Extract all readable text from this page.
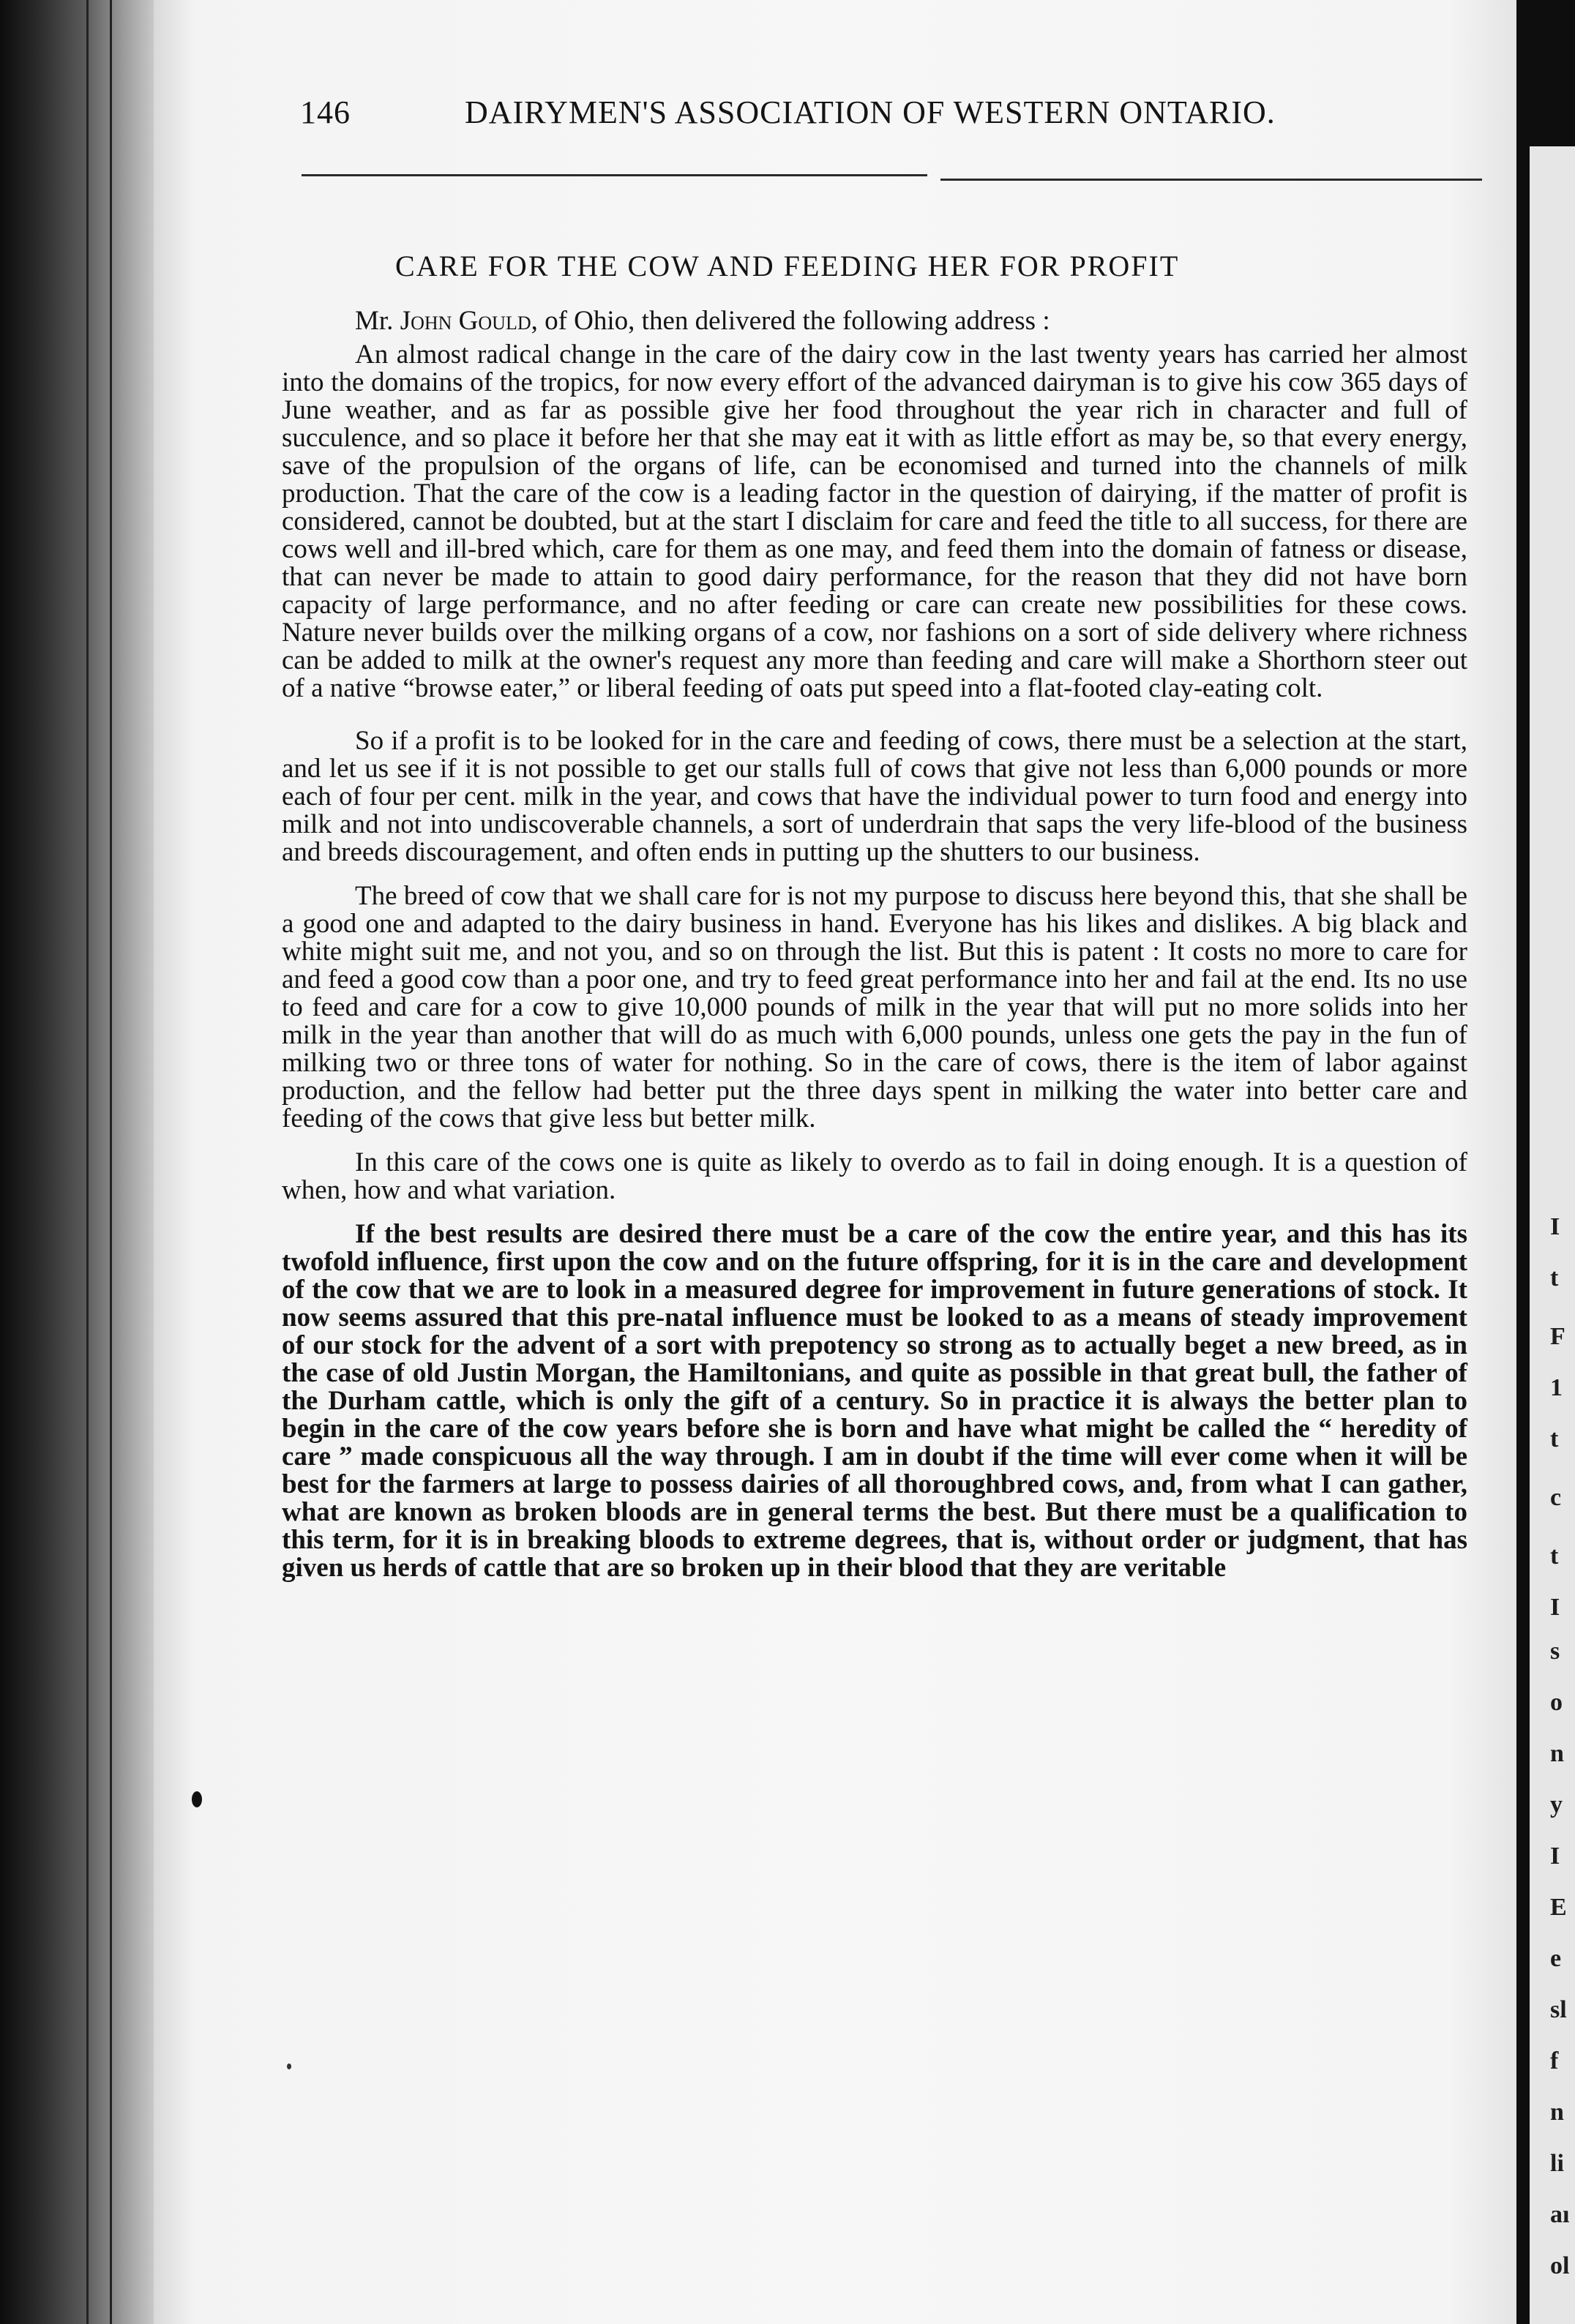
I
t
F
1
t
c
t
I
s
o
n
y
I
E
e
sl
f
n
li
aı
ol
146	DAIRYMEN'S ASSOCIATION OF WESTERN ONTARIO.
CARE FOR THE COW AND FEEDING HER FOR PROFIT

Mr. John Gould, of Ohio, then delivered the following address :

An almost radical change in the care of the dairy cow in the last twenty years has carried her almost into the domains of the tropics, for now every effort of the advanced dairyman is to give his cow 365 days of June weather, and as far as possible give her food throughout the year rich in character and full of succulence, and so place it before her that she may eat it with as little effort as may be, so that every energy, save of the propulsion of the organs of life, can be economised and turned into the channels of milk production. That the care of the cow is a leading factor in the question of dairying, if the matter of profit is considered, cannot be doubted, but at the start I disclaim for care and feed the title to all success, for there are cows well and ill-bred which, care for them as one may, and feed them into the domain of fatness or disease, that can never be made to attain to good dairy performance, for the reason that they did not have born capacity of large performance, and no after feeding or care can create new possibilities for these cows. Nature never builds over the milking organs of a cow, nor fashions on a sort of side delivery where richness can be added to milk at the owner's request any more than feeding and care will make a Shorthorn steer out of a native “browse eater,” or liberal feeding of oats put speed into a flat-footed clay-eating colt.

So if a profit is to be looked for in the care and feeding of cows, there must be a selection at the start, and let us see if it is not possible to get our stalls full of cows that give not less than 6,000 pounds or more each of four per cent. milk in the year, and cows that have the individual power to turn food and energy into milk and not into undiscoverable channels, a sort of underdrain that saps the very life-blood of the business and breeds discouragement, and often ends in putting up the shutters to our business.

The breed of cow that we shall care for is not my purpose to discuss here beyond this, that she shall be a good one and adapted to the dairy business in hand. Everyone has his likes and dislikes. A big black and white might suit me, and not you, and so on through the list. But this is patent : It costs no more to care for and feed a good cow than a poor one, and try to feed great performance into her and fail at the end. Its no use to feed and care for a cow to give 10,000 pounds of milk in the year that will put no more solids into her milk in the year than another that will do as much with 6,000 pounds, unless one gets the pay in the fun of milking two or three tons of water for nothing. So in the care of cows, there is the item of labor against production, and the fellow had better put the three days spent in milking the water into better care and feeding of the cows that give less but better milk.

In this care of the cows one is quite as likely to overdo as to fail in doing enough. It is a question of when, how and what variation.

If the best results are desired there must be a care of the cow the entire year, and this has its twofold influence, first upon the cow and on the future offspring, for it is in the care and development of the cow that we are to look in a measured degree for improvement in future generations of stock. It now seems assured that this pre-natal influence must be looked to as a means of steady improvement of our stock for the advent of a sort with prepotency so strong as to actually beget a new breed, as in the case of old Justin Morgan, the Hamiltonians, and quite as possible in that great bull, the father of the Durham cattle, which is only the gift of a century. So in practice it is always the better plan to begin in the care of the cow years before she is born and have what might be called the “ heredity of care ” made conspicuous all the way through. I am in doubt if the time will ever come when it will be best for the farmers at large to possess dairies of all thoroughbred cows, and, from what I can gather, what are known as broken bloods are in general terms the best. But there must be a qualification to this term, for it is in breaking bloods to extreme degrees, that is, without order or judgment, that has given us herds of cattle that are so broken up in their blood that they are veritable
